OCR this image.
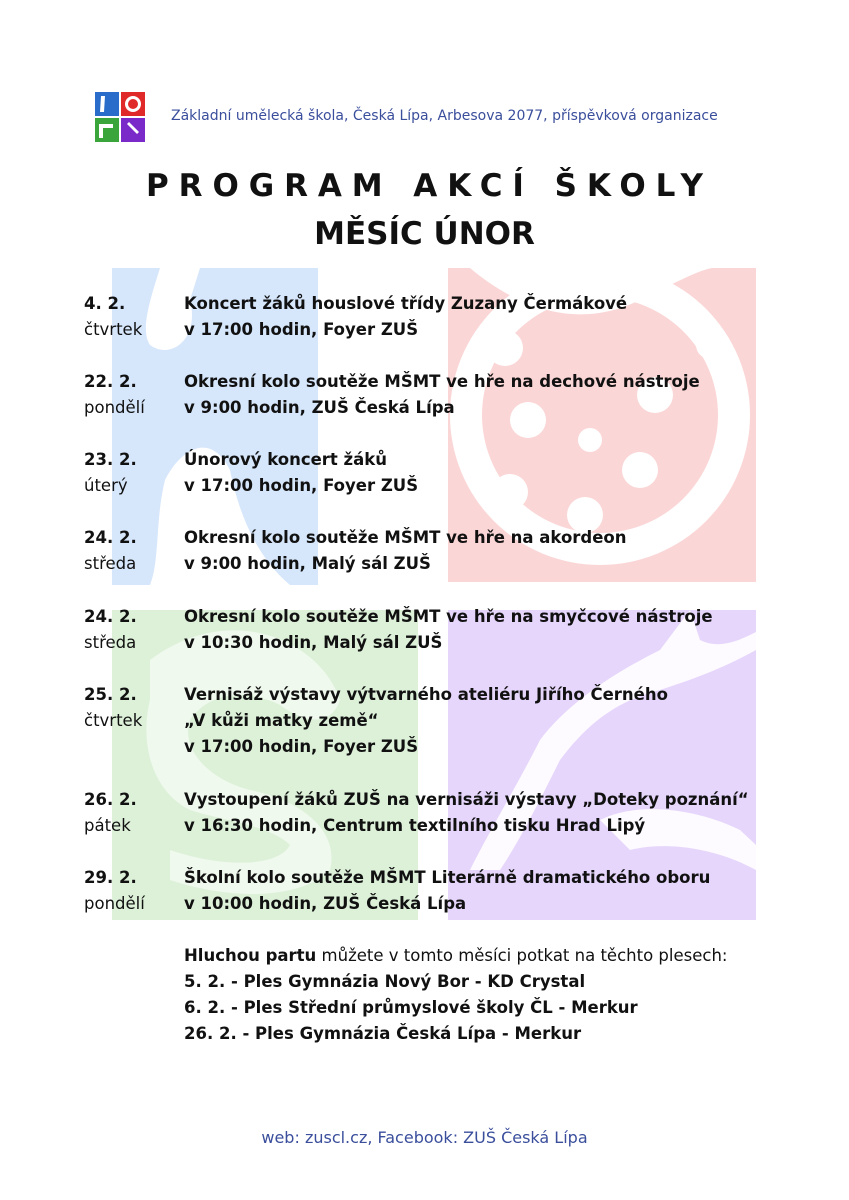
Základní umělecká škola, Česká Lípa, Arbesova 2077, příspěvková organizace
PROGRAM AKCÍ ŠKOLY
MĚSÍC ÚNOR
4. 2.
čtvrtek
Koncert žáků houslové třídy Zuzany Čermákové
v 17:00 hodin, Foyer ZUŠ
22. 2.
pondělí
Okresní kolo soutěže MŠMT ve hře na dechové nástroje
v 9:00 hodin, ZUŠ Česká Lípa
23. 2.
úterý
Únorový koncert žáků
v 17:00 hodin, Foyer ZUŠ
24. 2.
středa
Okresní kolo soutěže MŠMT ve hře na akordeon
v 9:00 hodin, Malý sál ZUŠ
24. 2.
středa
Okresní kolo soutěže MŠMT ve hře na smyčcové nástroje
v 10:30 hodin, Malý sál ZUŠ
25. 2.
čtvrtek
Vernisáž výstavy výtvarného ateliéru Jiřího Černého
„V kůži matky země“
v 17:00 hodin, Foyer ZUŠ
26. 2.
pátek
Vystoupení žáků ZUŠ na vernisáži výstavy „Doteky poznání“
v 16:30 hodin, Centrum textilního tisku Hrad Lipý
29. 2.
pondělí
Školní kolo soutěže MŠMT Literárně dramatického oboru
v 10:00 hodin, ZUŠ Česká Lípa
Hluchou partu můžete v tomto měsíci potkat na těchto plesech:
5. 2. - Ples Gymnázia Nový Bor - KD Crystal
6. 2. - Ples Střední průmyslové školy ČL - Merkur
26. 2. - Ples Gymnázia Česká Lípa - Merkur
web: zuscl.cz, Facebook: ZUŠ Česká Lípa
